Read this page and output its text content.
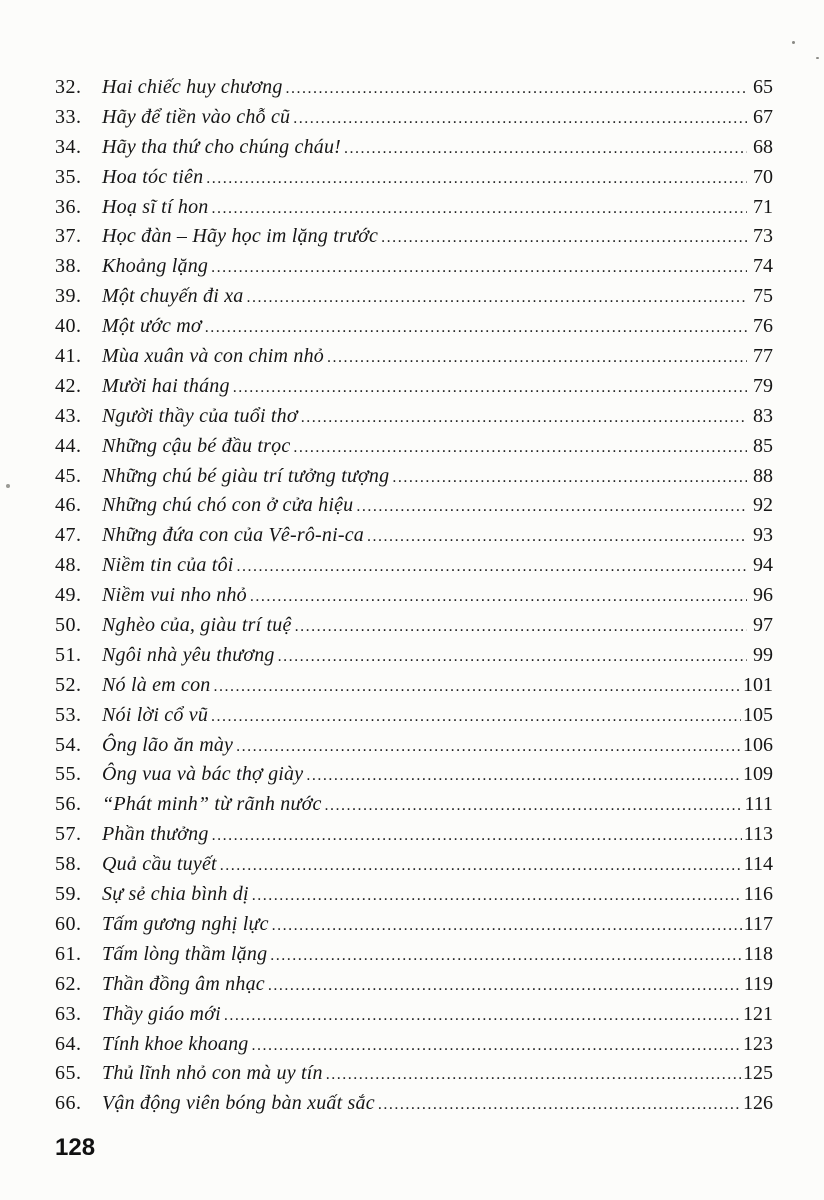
32.	Hai chiếc huy chương .....	65
33.	Hãy để tiền vào chỗ cũ .....	67
34.	Hãy tha thứ cho chúng cháu! .....	68
35.	Hoa tóc tiên .....	70
36.	Hoạ sĩ tí hon .....	71
37.	Học đàn – Hãy học im lặng trước .....	73
38.	Khoảng lặng .....	74
39.	Một chuyến đi xa .....	75
40.	Một ước mơ .....	76
41.	Mùa xuân và con chim nhỏ .....	77
42.	Mười hai tháng .....	79
43.	Người thầy của tuổi thơ .....	83
44.	Những cậu bé đầu trọc .....	85
45.	Những chú bé giàu trí tưởng tượng .....	88
46.	Những chú chó con ở cửa hiệu .....	92
47.	Những đứa con của Vê-rô-ni-ca .....	93
48.	Niềm tin của tôi .....	94
49.	Niềm vui nho nhỏ .....	96
50.	Nghèo của, giàu trí tuệ .....	97
51.	Ngôi nhà yêu thương .....	99
52.	Nó là em con .....	101
53.	Nói lời cổ vũ .....	105
54.	Ông lão ăn mày .....	106
55.	Ông vua và bác thợ giày .....	109
56.	“Phát minh” từ rãnh nước .....	111
57.	Phần thưởng .....	113
58.	Quả cầu tuyết .....	114
59.	Sự sẻ chia bình dị .....	116
60.	Tấm gương nghị lực .....	117
61.	Tấm lòng thầm lặng .....	118
62.	Thần đồng âm nhạc .....	119
63.	Thầy giáo mới .....	121
64.	Tính khoe khoang .....	123
65.	Thủ lĩnh nhỏ con mà uy tín .....	125
66.	Vận động viên bóng bàn xuất sắc .....	126
128
